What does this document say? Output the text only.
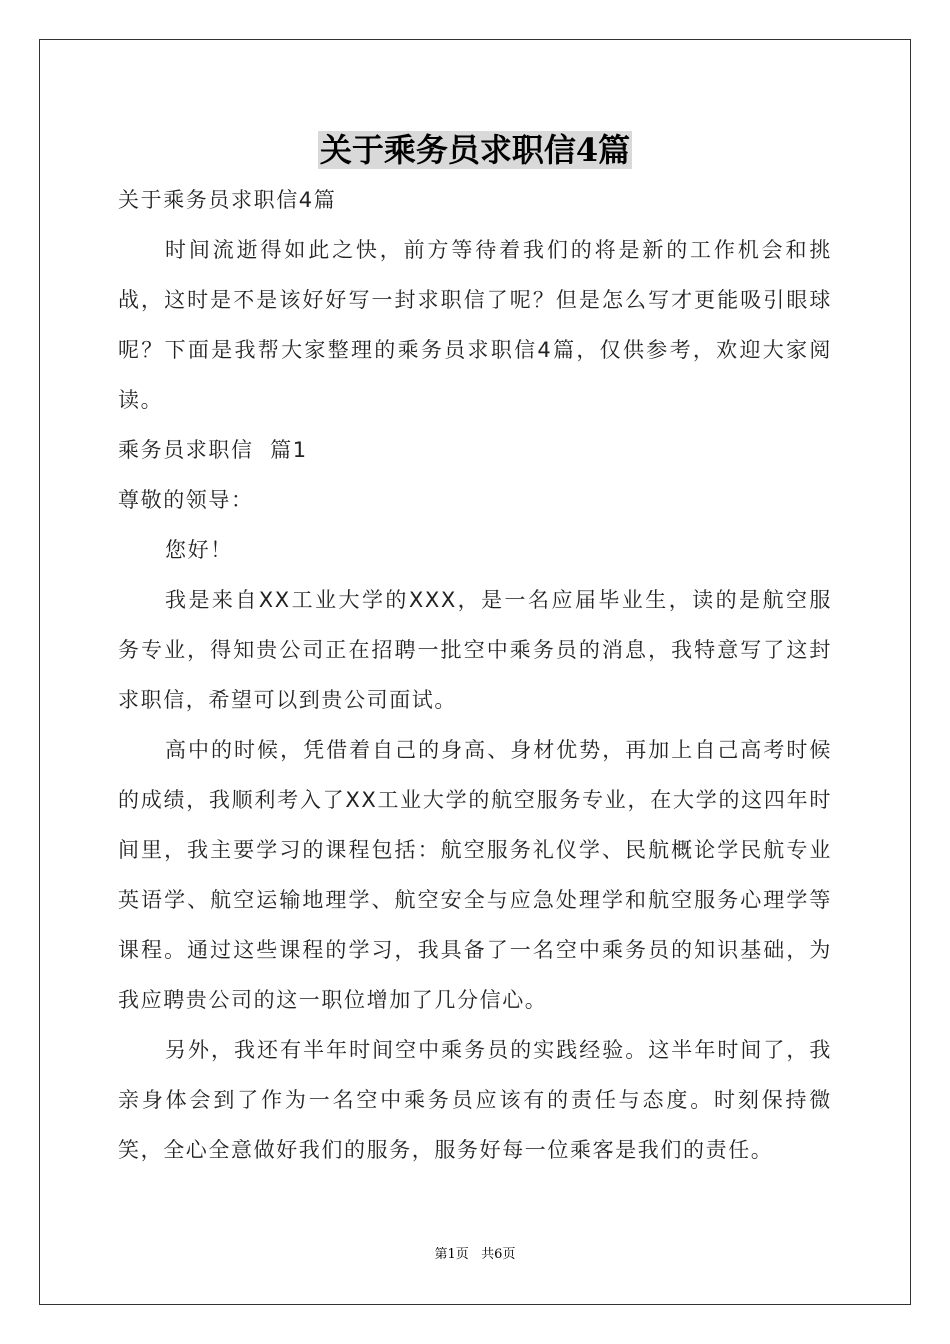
关于乘务员求职信4篇

关于乘务员求职信4篇

时间流逝得如此之快，前方等待着我们的将是新的工作机会和挑战，这时是不是该好好写一封求职信了呢？但是怎么写才更能吸引眼球呢？下面是我帮大家整理的乘务员求职信4篇，仅供参考，欢迎大家阅读。

乘务员求职信  篇1

尊敬的领导：

您好！

我是来自XX工业大学的XXX，是一名应届毕业生，读的是航空服务专业，得知贵公司正在招聘一批空中乘务员的消息，我特意写了这封求职信，希望可以到贵公司面试。

高中的时候，凭借着自己的身高、身材优势，再加上自己高考时候的成绩，我顺利考入了XX工业大学的航空服务专业，在大学的这四年时间里，我主要学习的课程包括：航空服务礼仪学、民航概论学民航专业英语学、航空运输地理学、航空安全与应急处理学和航空服务心理学等课程。通过这些课程的学习，我具备了一名空中乘务员的知识基础，为我应聘贵公司的这一职位增加了几分信心。

另外，我还有半年时间空中乘务员的实践经验。这半年时间了，我亲身体会到了作为一名空中乘务员应该有的责任与态度。时刻保持微笑，全心全意做好我们的服务，服务好每一位乘客是我们的责任。

第1页   共6页
